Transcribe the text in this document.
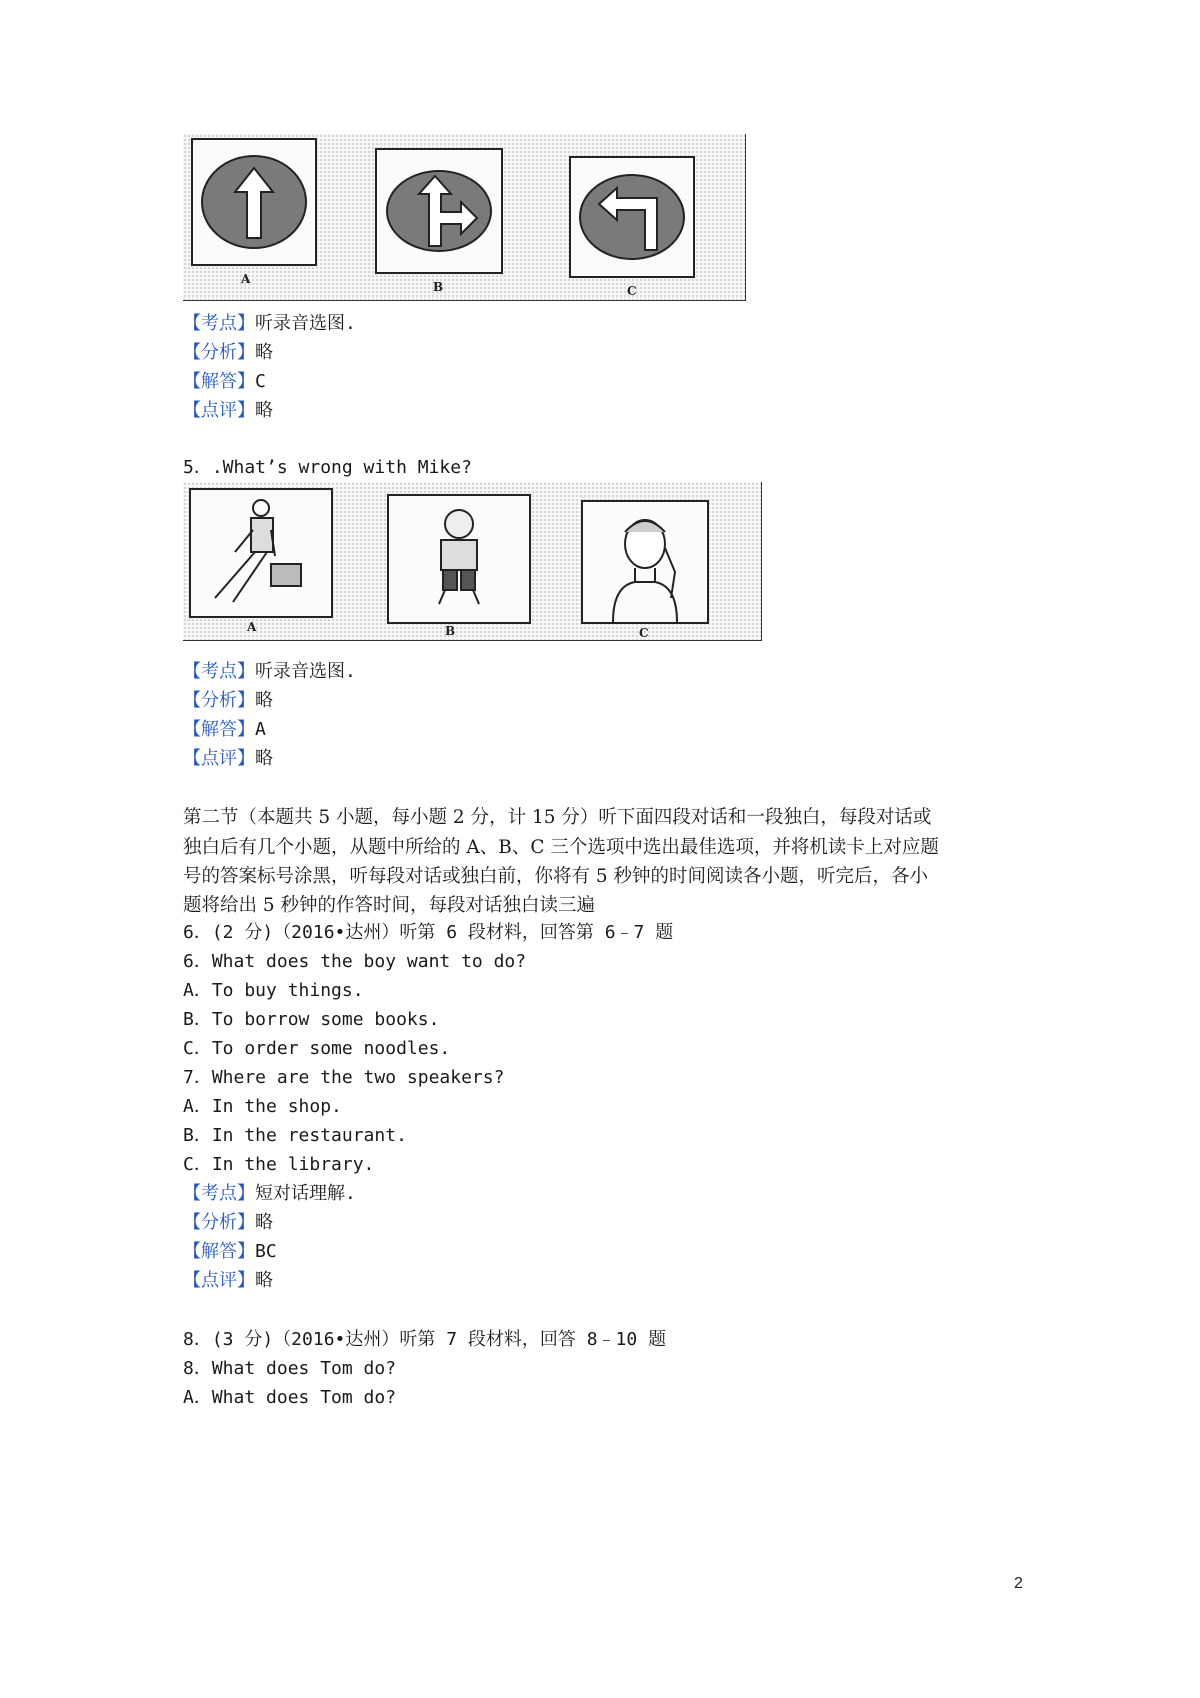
A
B	C

【考点】听录音选图.

【分析】略

【解答】C

【点评】略

5．.What’s wrong with Mike?

A	B	C

【考点】听录音选图.

【分析】略

【解答】A

【点评】略

第二节（本题共 5 小题，每小题 2 分，计 15 分）听下面四段对话和一段独白，每段对话或

独白后有几个小题，从题中所给的 A、B、C 三个选项中选出最佳选项，并将机读卡上对应题

号的答案标号涂黑，听每段对话或独白前，你将有 5 秒钟的时间阅读各小题，听完后，各小

题将给出 5 秒钟的作答时间，每段对话独白读三遍

6．(2 分)（2016•达州）听第 6 段材料，回答第 6﹣7 题

6．What does the boy want to do?

A．To buy things.

B．To borrow some books.

C．To order some noodles.

7．Where are the two speakers?

A．In the shop.

B．In the restaurant.

C．In the library.

【考点】短对话理解.

【分析】略

【解答】BC

【点评】略

8．(3 分)（2016•达州）听第 7 段材料，回答 8﹣10 题

8．What does Tom do?

A．What does Tom do?

2
